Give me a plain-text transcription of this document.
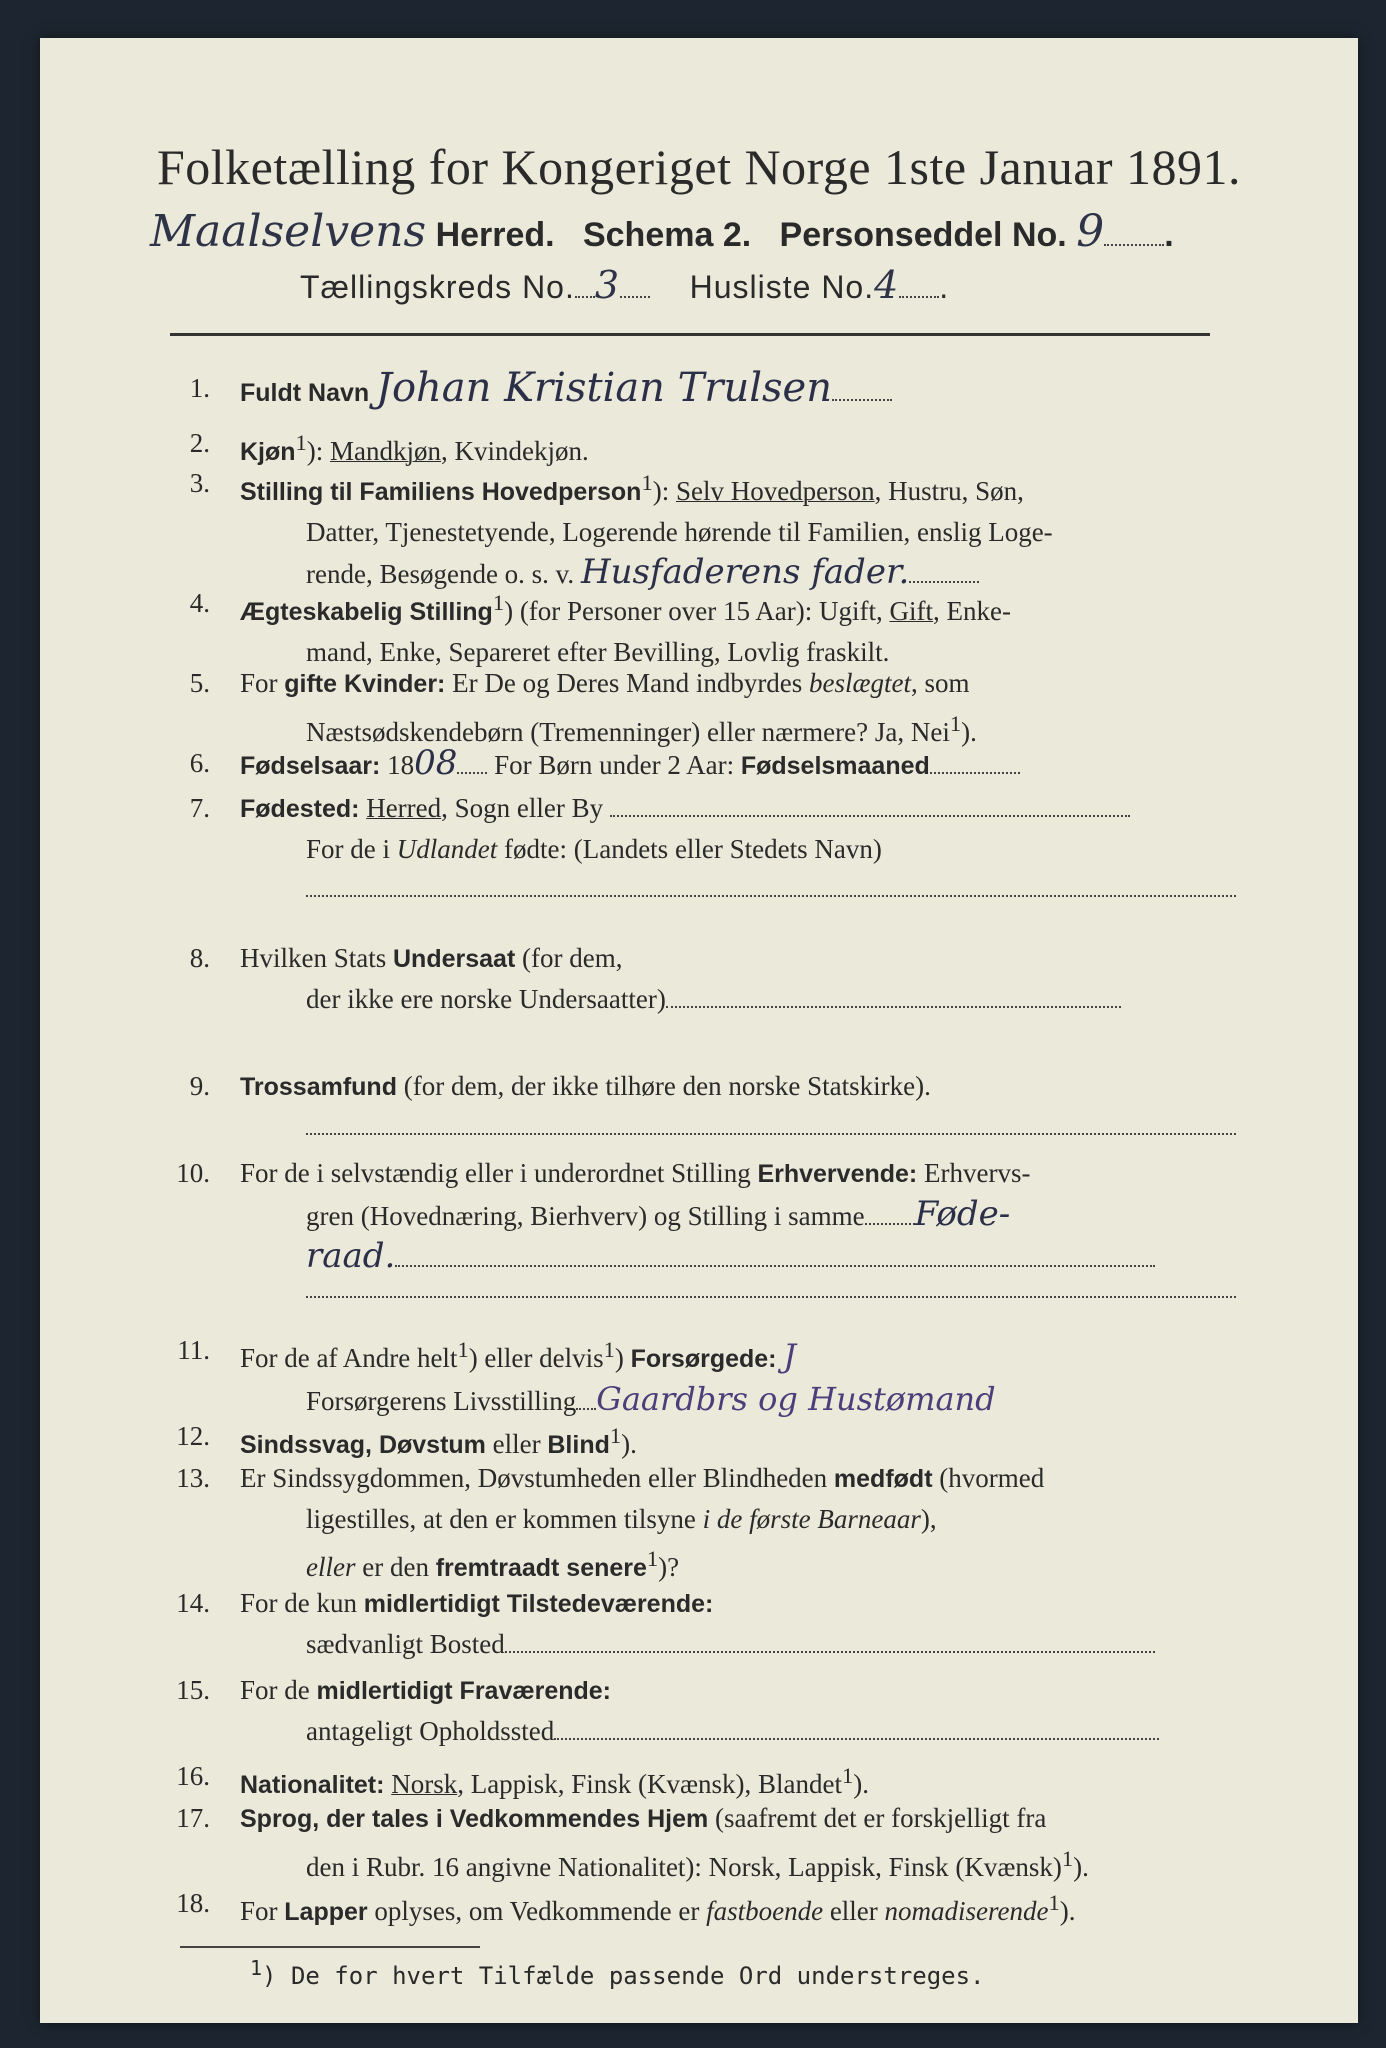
Folketælling for Kongeriget Norge 1ste Januar 1891.
Maalselvens Herred. Schema 2. Personseddel No. 9 .
Tællingskreds No. 3 Husliste No.4 .
1. Fuldt Navn Johan Kristian Trulsen
2. Kjøn$^1$): Mandkjøn, Kvindekjøn.
3. Stilling til Familiens Hovedperson$^1$): Selv Hovedperson, Hustru, Søn,
Datter, Tjenestetyende, Logerende hørende til Familien, enslig Loge-
rende, Besøgende o. s. v. Husfaderens fader.
4. Ægteskabelig Stilling$^1$) (for Personer over 15 Aar): Ugift, Gift, Enke-
mand, Enke, Separeret efter Bevilling, Lovlig fraskilt.
5. For gifte Kvinder: Er De og Deres Mand indbyrdes beslægtet, som
Næstsødskendebørn (Tremenninger) eller nærmere? Ja, Nei$^1$).
6. Fødselsaar: 1808 For Børn under 2 Aar: Fødselsmaaned
7. Fødested: Herred, Sogn eller By
For de i Udlandet fødte: (Landets eller Stedets Navn)
8. Hvilken Stats Undersaat (for dem,
der ikke ere norske Undersaatter)
9. Trossamfund (for dem, der ikke tilhøre den norske Statskirke).
10. For de i selvstændig eller i underordnet Stilling Erhvervende: Erhvervs-
gren (Hovednæring, Bierhverv) og Stilling i samme Føde-
raad.
11. For de af Andre helt$^1$) eller delvis$^1$) Forsørgede: J
Forsørgerens Livsstilling Gaardbrs og Hustømand
12. Sindssvag, Døvstum eller Blind$^1$).
13. Er Sindssygdommen, Døvstumheden eller Blindheden medfødt (hvormed
ligestilles, at den er kommen tilsyne i de første Barneaar),
eller er den fremtraadt senere$^1$)?
14. For de kun midlertidigt Tilstedeværende:
sædvanligt Bosted
15. For de midlertidigt Fraværende:
antageligt Opholdssted
16. Nationalitet: Norsk, Lappisk, Finsk (Kvænsk), Blandet$^1$).
17. Sprog, der tales i Vedkommendes Hjem (saafremt det er forskjelligt fra
den i Rubr. 16 angivne Nationalitet): Norsk, Lappisk, Finsk (Kvænsk)$^1$).
18. For Lapper oplyses, om Vedkommende er fastboende eller nomadiserende$^1$).
$^1$) De for hvert Tilfælde passende Ord understreges.
